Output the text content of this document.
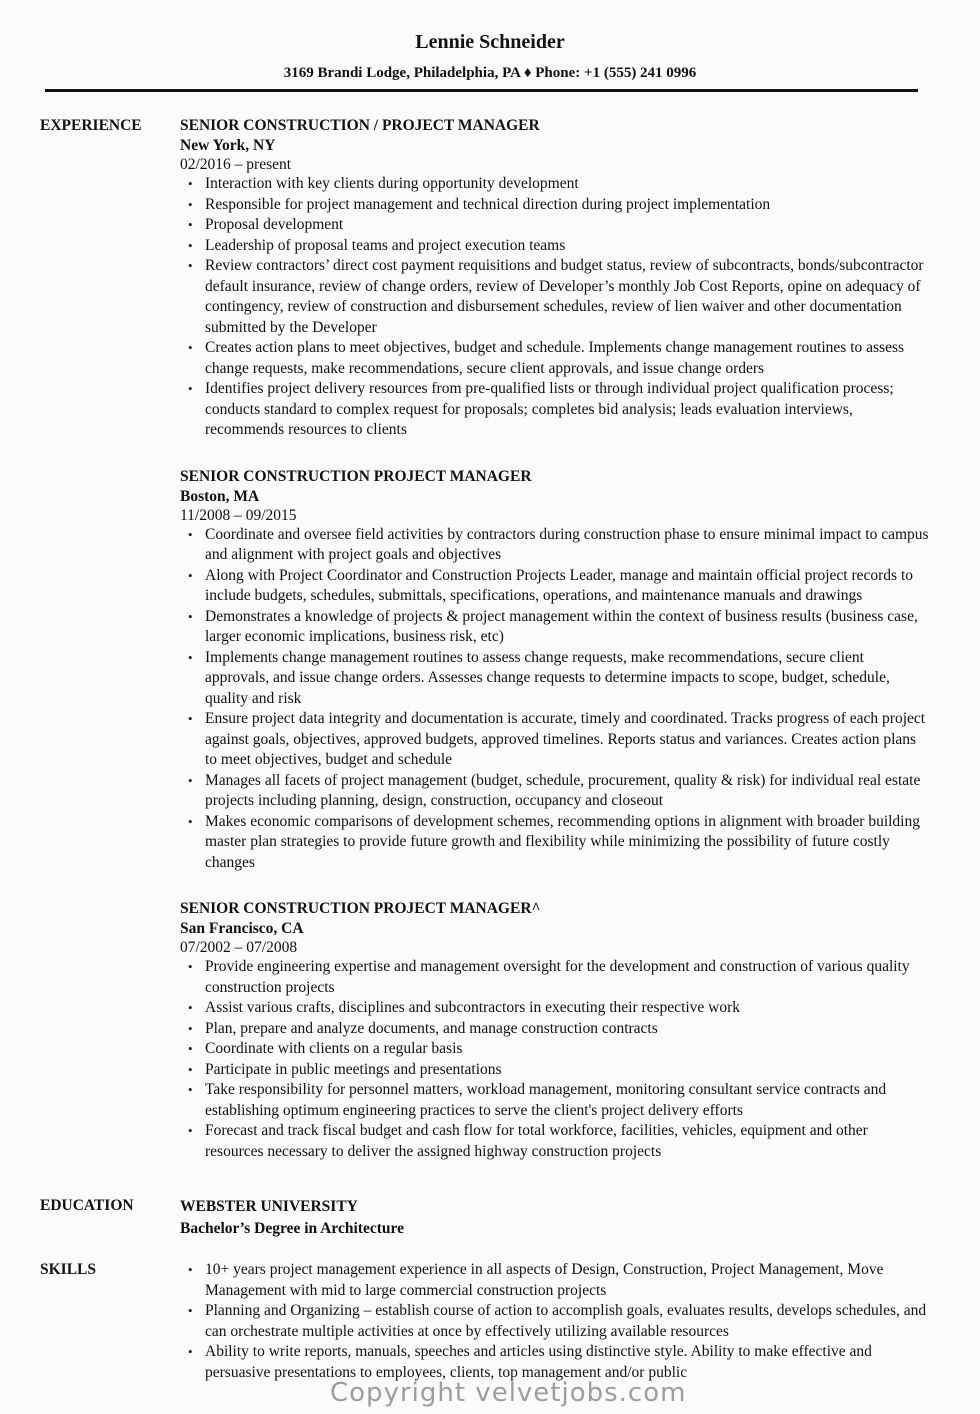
Lennie Schneider
3169 Brandi Lodge, Philadelphia, PA ♦ Phone: +1 (555) 241 0996
EXPERIENCE SENIOR CONSTRUCTION / PROJECT MANAGER
New York, NY
02/2016 – present
• Interaction with key clients during opportunity development
• Responsible for project management and technical direction during project implementation
• Proposal development
• Leadership of proposal teams and project execution teams
• Review contractors’ direct cost payment requisitions and budget status, review of subcontracts, bonds/subcontractor default insurance, review of change orders, review of Developer’s monthly Job Cost Reports, opine on adequacy of contingency, review of construction and disbursement schedules, review of lien waiver and other documentation submitted by the Developer
• Creates action plans to meet objectives, budget and schedule. Implements change management routines to assess change requests, make recommendations, secure client approvals, and issue change orders
• Identifies project delivery resources from pre-qualified lists or through individual project qualification process; conducts standard to complex request for proposals; completes bid analysis; leads evaluation interviews, recommends resources to clients
SENIOR CONSTRUCTION PROJECT MANAGER
Boston, MA
11/2008 – 09/2015
• Coordinate and oversee field activities by contractors during construction phase to ensure minimal impact to campus and alignment with project goals and objectives
• Along with Project Coordinator and Construction Projects Leader, manage and maintain official project records to include budgets, schedules, submittals, specifications, operations, and maintenance manuals and drawings
• Demonstrates a knowledge of projects & project management within the context of business results (business case, larger economic implications, business risk, etc)
• Implements change management routines to assess change requests, make recommendations, secure client approvals, and issue change orders. Assesses change requests to determine impacts to scope, budget, schedule, quality and risk
• Ensure project data integrity and documentation is accurate, timely and coordinated. Tracks progress of each project against goals, objectives, approved budgets, approved timelines. Reports status and variances. Creates action plans to meet objectives, budget and schedule
• Manages all facets of project management (budget, schedule, procurement, quality & risk) for individual real estate projects including planning, design, construction, occupancy and closeout
• Makes economic comparisons of development schemes, recommending options in alignment with broader building master plan strategies to provide future growth and flexibility while minimizing the possibility of future costly changes
SENIOR CONSTRUCTION PROJECT MANAGER^
San Francisco, CA
07/2002 – 07/2008
• Provide engineering expertise and management oversight for the development and construction of various quality construction projects
• Assist various crafts, disciplines and subcontractors in executing their respective work
• Plan, prepare and analyze documents, and manage construction contracts
• Coordinate with clients on a regular basis
• Participate in public meetings and presentations
• Take responsibility for personnel matters, workload management, monitoring consultant service contracts and establishing optimum engineering practices to serve the client's project delivery efforts
• Forecast and track fiscal budget and cash flow for total workforce, facilities, vehicles, equipment and other resources necessary to deliver the assigned highway construction projects
EDUCATION	WEBSTER UNIVERSITY
Bachelor’s Degree in Architecture
SKILLS	• 10+ years project management experience in all aspects of Design, Construction, Project Management, Move Management with mid to large commercial construction projects
• Planning and Organizing – establish course of action to accomplish goals, evaluates results, develops schedules, and can orchestrate multiple activities at once by effectively utilizing available resources
• Ability to write reports, manuals, speeches and articles using distinctive style. Ability to make effective and persuasive presentations to employees, clients, top management and/or public
Copyright velvetjobs.com
